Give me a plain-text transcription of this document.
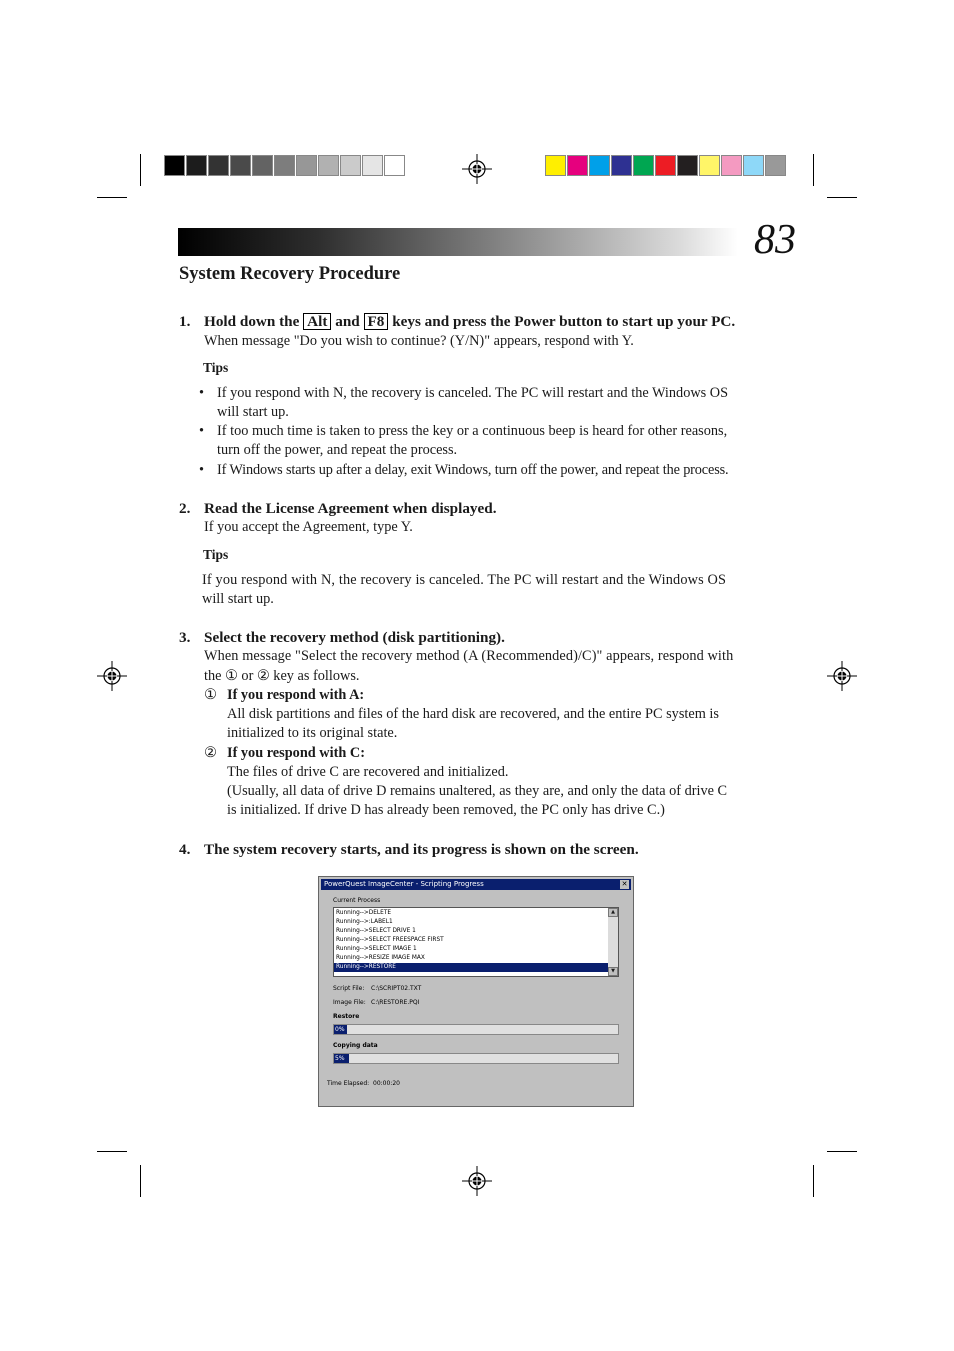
83
System Recovery Procedure
1. Hold down the Alt and F8 keys and press the Power button to start up your PC.
When message "Do you wish to continue? (Y/N)" appears, respond with Y.
Tips
• If you respond with N, the recovery is canceled. The PC will restart and the Windows OS
will start up.
• If too much time is taken to press the key or a continuous beep is heard for other reasons,
turn off the power, and repeat the process.
• If Windows starts up after a delay, exit Windows, turn off the power, and repeat the process.
2. Read the License Agreement when displayed.
If you accept the Agreement, type Y.
Tips
If you respond with N, the recovery is canceled. The PC will restart and the Windows OS
will start up.
3. Select the recovery method (disk partitioning).
When message "Select the recovery method (A (Recommended)/C)" appears, respond with
the ① or ② key as follows.
① If you respond with A:
All disk partitions and files of the hard disk are recovered, and the entire PC system is
initialized to its original state.
② If you respond with C:
The files of drive C are recovered and initialized.
(Usually, all data of drive D remains unaltered, as they are, and only the data of drive C
is initialized. If drive D has already been removed, the PC only has drive C.)
4. The system recovery starts, and its progress is shown on the screen.
PowerQuest ImageCenter - Scripting Progress	✕
Current Process
Running-->DELETE
Running-->:LABEL1
Running-->SELECT DRIVE 1
Running-->SELECT FREESPACE FIRST
Running-->SELECT IMAGE 1
Running-->RESIZE IMAGE MAX
Running-->RESTORE
▲
▼
Script File: C:\SCRIPT02.TXT
Image File: C:\RESTORE.PQI
Restore
0%
Copying data
5%
Time Elapsed: 00:00:20
